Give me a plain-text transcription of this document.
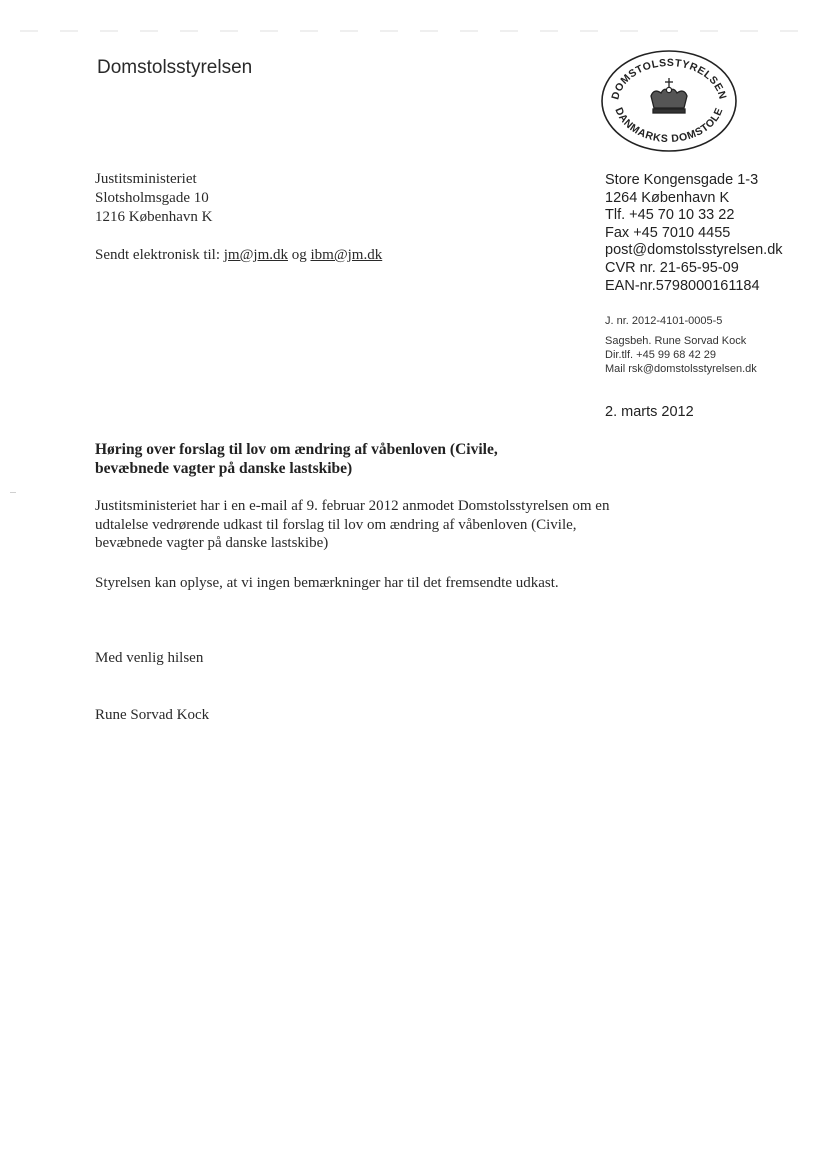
Domstolsstyrelsen
DOMSTOLSSTYRELSEN
DANMARKS DOMSTOLE
Justitsministeriet
Slotsholmsgade 10
1216 København K
Sendt elektronisk til: jm@jm.dk og ibm@jm.dk
Store Kongensgade 1-3
1264 København K
Tlf. +45 70 10 33 22
Fax +45 7010 4455
post@domstolsstyrelsen.dk
CVR nr. 21-65-95-09
EAN-nr.5798000161184
J. nr. 2012-4101-0005-5
Sagsbeh. Rune Sorvad Kock
Dir.tlf. +45 99 68 42 29
Mail rsk@domstolsstyrelsen.dk
2. marts 2012
Høring over forslag til lov om ændring af våbenloven (Civile, bevæbnede vagter på danske lastskibe)
Justitsministeriet har i en e-mail af 9. februar 2012 anmodet Domstolsstyrelsen om en udtalelse vedrørende udkast til forslag til lov om ændring af våbenloven (Civile, bevæbnede vagter på danske lastskibe)
Styrelsen kan oplyse, at vi ingen bemærkninger har til det fremsendte udkast.
Med venlig hilsen
Rune Sorvad Kock
